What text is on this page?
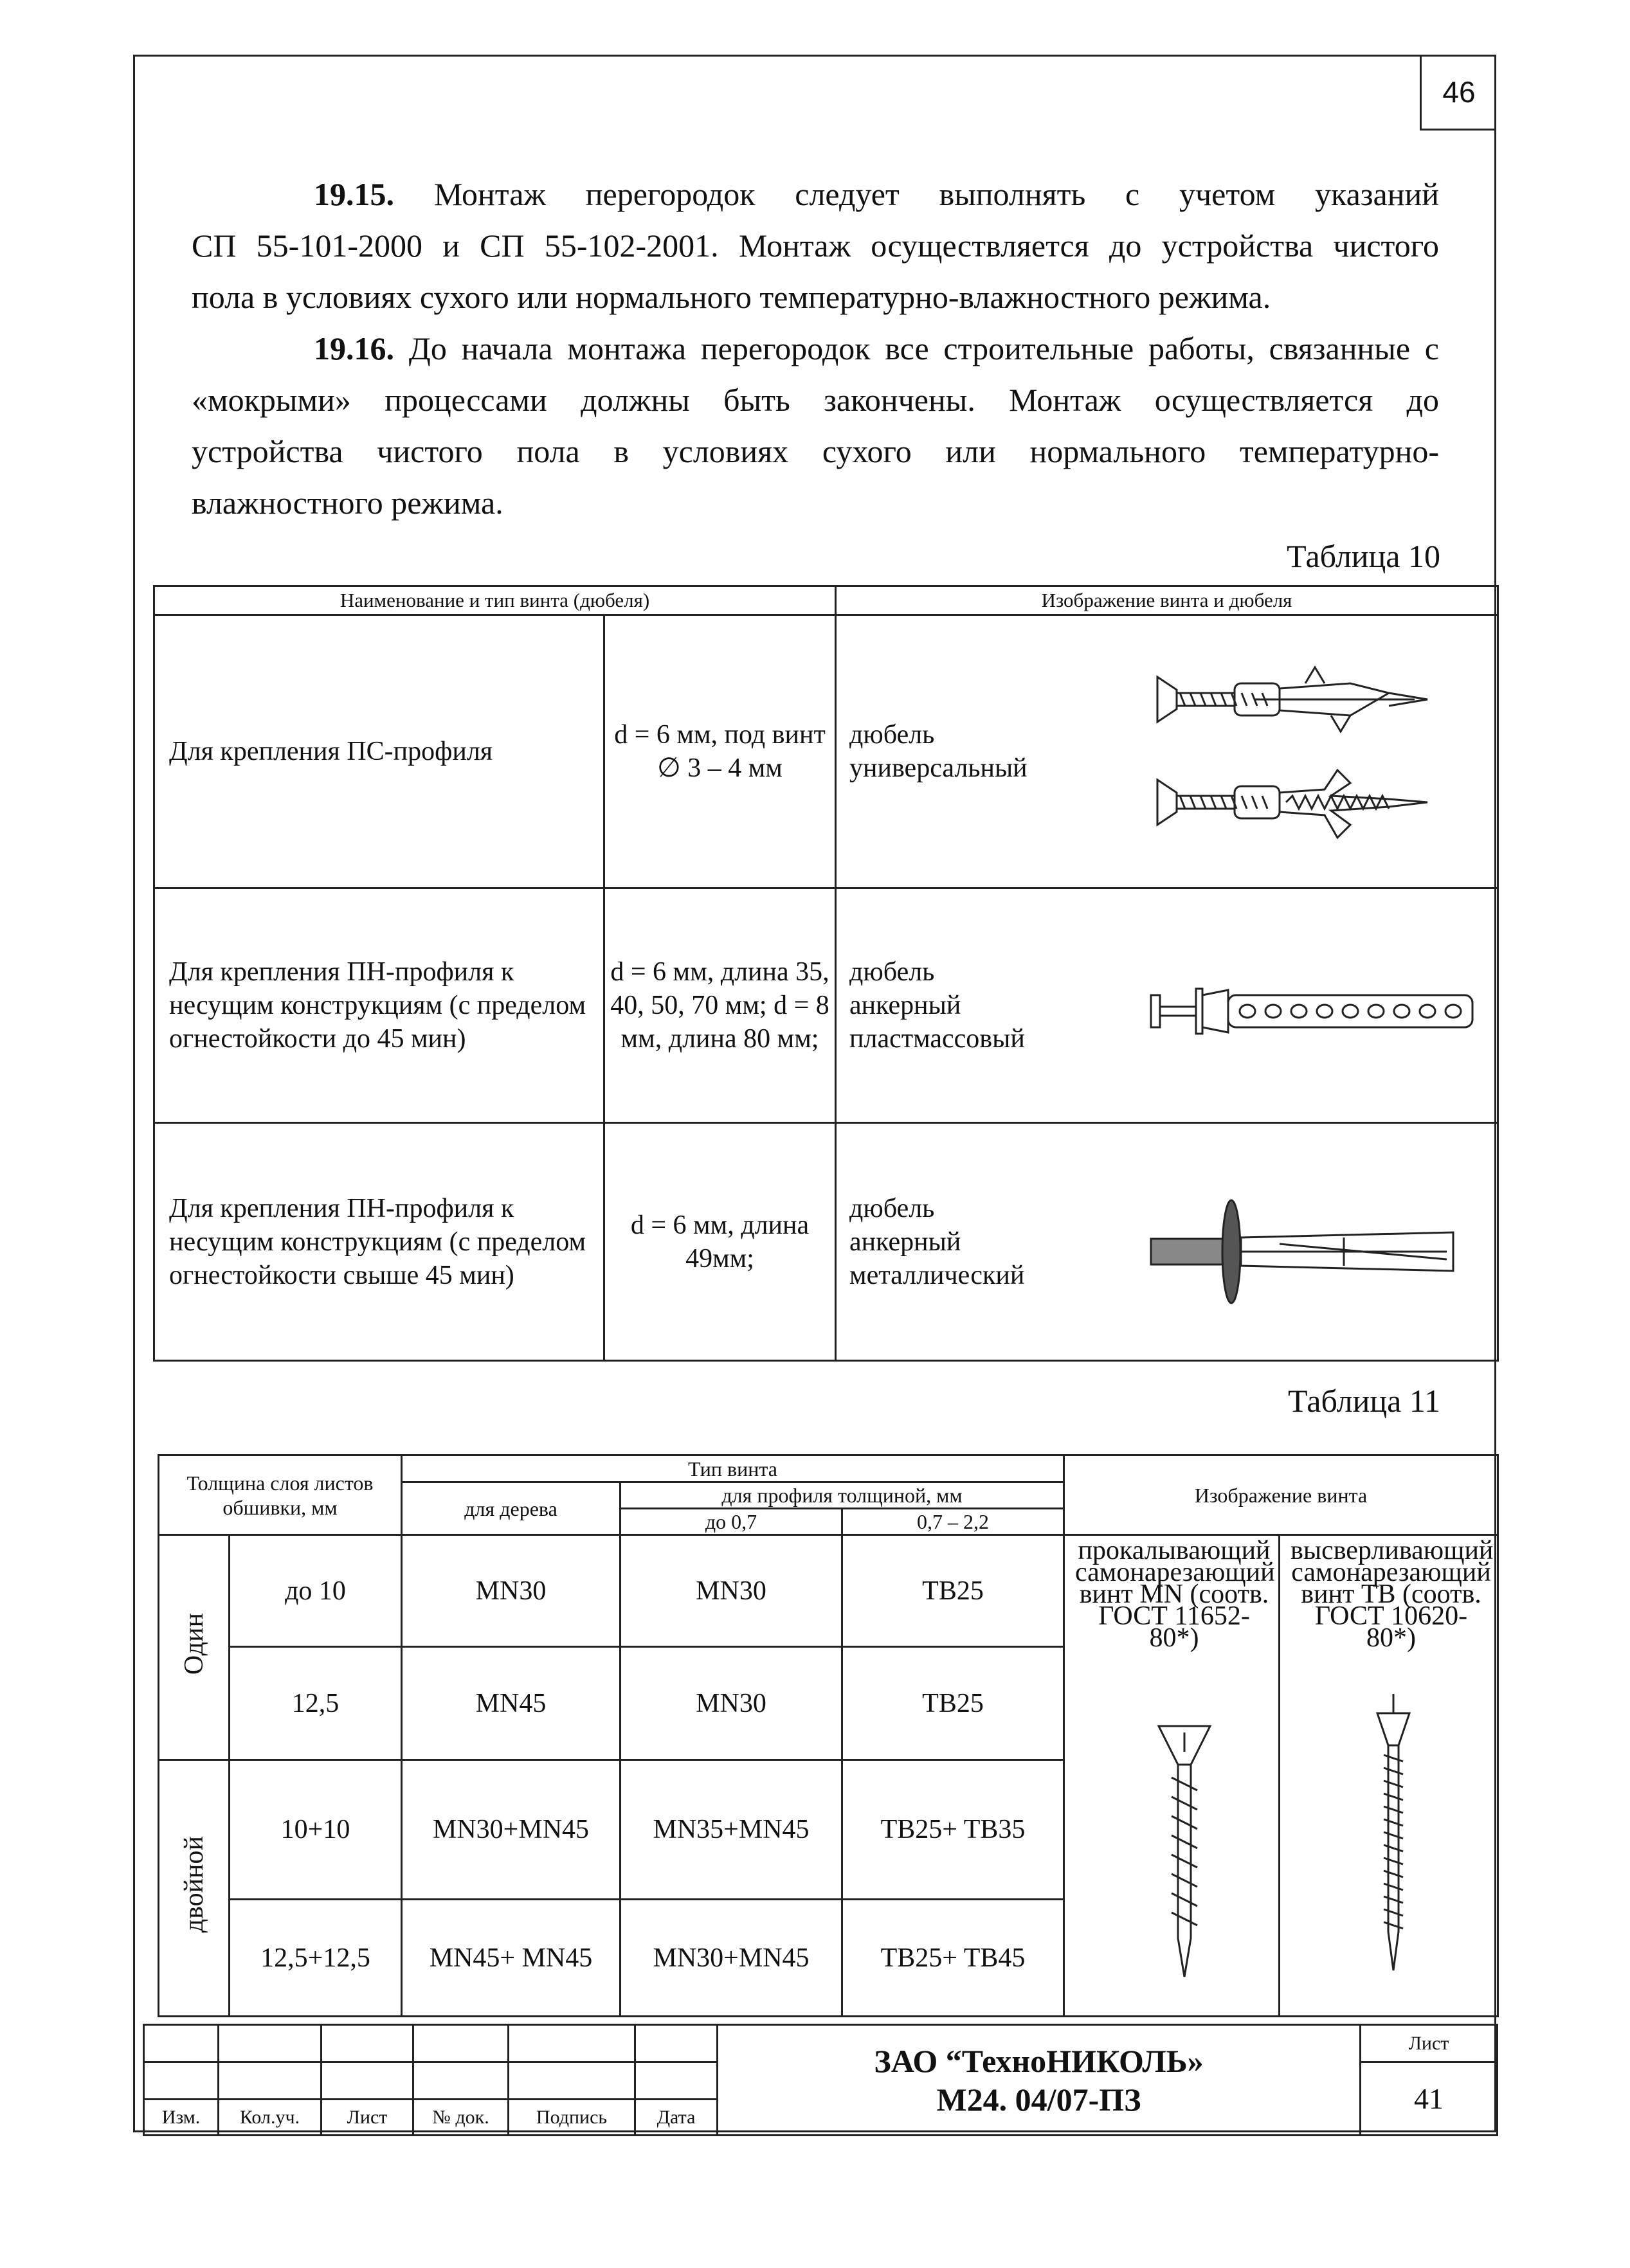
46
19.15. Монтаж перегородок следует выполнять с учетом указаний
СП 55-101-2000 и СП 55-102-2001. Монтаж осуществляется до устройства чистого
пола в условиях сухого или нормального температурно-влажностного режима.
19.16. До начала монтажа перегородок все строительные работы, связанные с
«мокрыми» процессами должны быть закончены. Монтаж осуществляется до
устройства чистого пола в условиях сухого или нормального температурно-
влажностного режима.
Таблица 10
Наименование и тип винта (дюбеля)		Изображение винта и дюбеля	
Для крепления ПС-профиля	d = 6 мм, под винт ∅ 3 – 4 мм	дюбель универсальный	
Для крепления ПН-профиля к несущим конструкциям (с пределом огнестойкости до 45 мин)	d = 6 мм, длина 35, 40, 50, 70 мм; d = 8 мм, длина 80 мм;	дюбель анкерный пластмассовый	
Для крепления ПН-профиля к несущим конструкциям (с пределом огнестойкости свыше 45 мин)	d = 6 мм, длина 49мм;	дюбель анкерный металлический	
Таблица 11
Толщина слоя листов обшивки, мм		Тип винта			Изображение винта	
		для дерева	для профиля толщиной, мм			
			до 0,7	0,7 – 2,2		
Один	до 10	MN30	MN30	TB25	прокалывающий самонарезающий винт MN (соотв. ГОСТ 11652-80*)	высверливающий самонарезающий винт TB (соотв. ГОСТ 10620-80*)

	12,5	MN45	MN30	TB25		
двойной	10+10	MN30+MN45	MN35+MN45	TB25+ TB35		
	12,5+12,5	MN45+ MN45	MN30+MN45	TB25+ TB45		

						ЗАО “ТехноНИКОЛЬ»
М24. 04/07-ПЗ	Лист
							41
Изм.	Кол.уч.	Лист	№ док.	Подпись	Дата		
